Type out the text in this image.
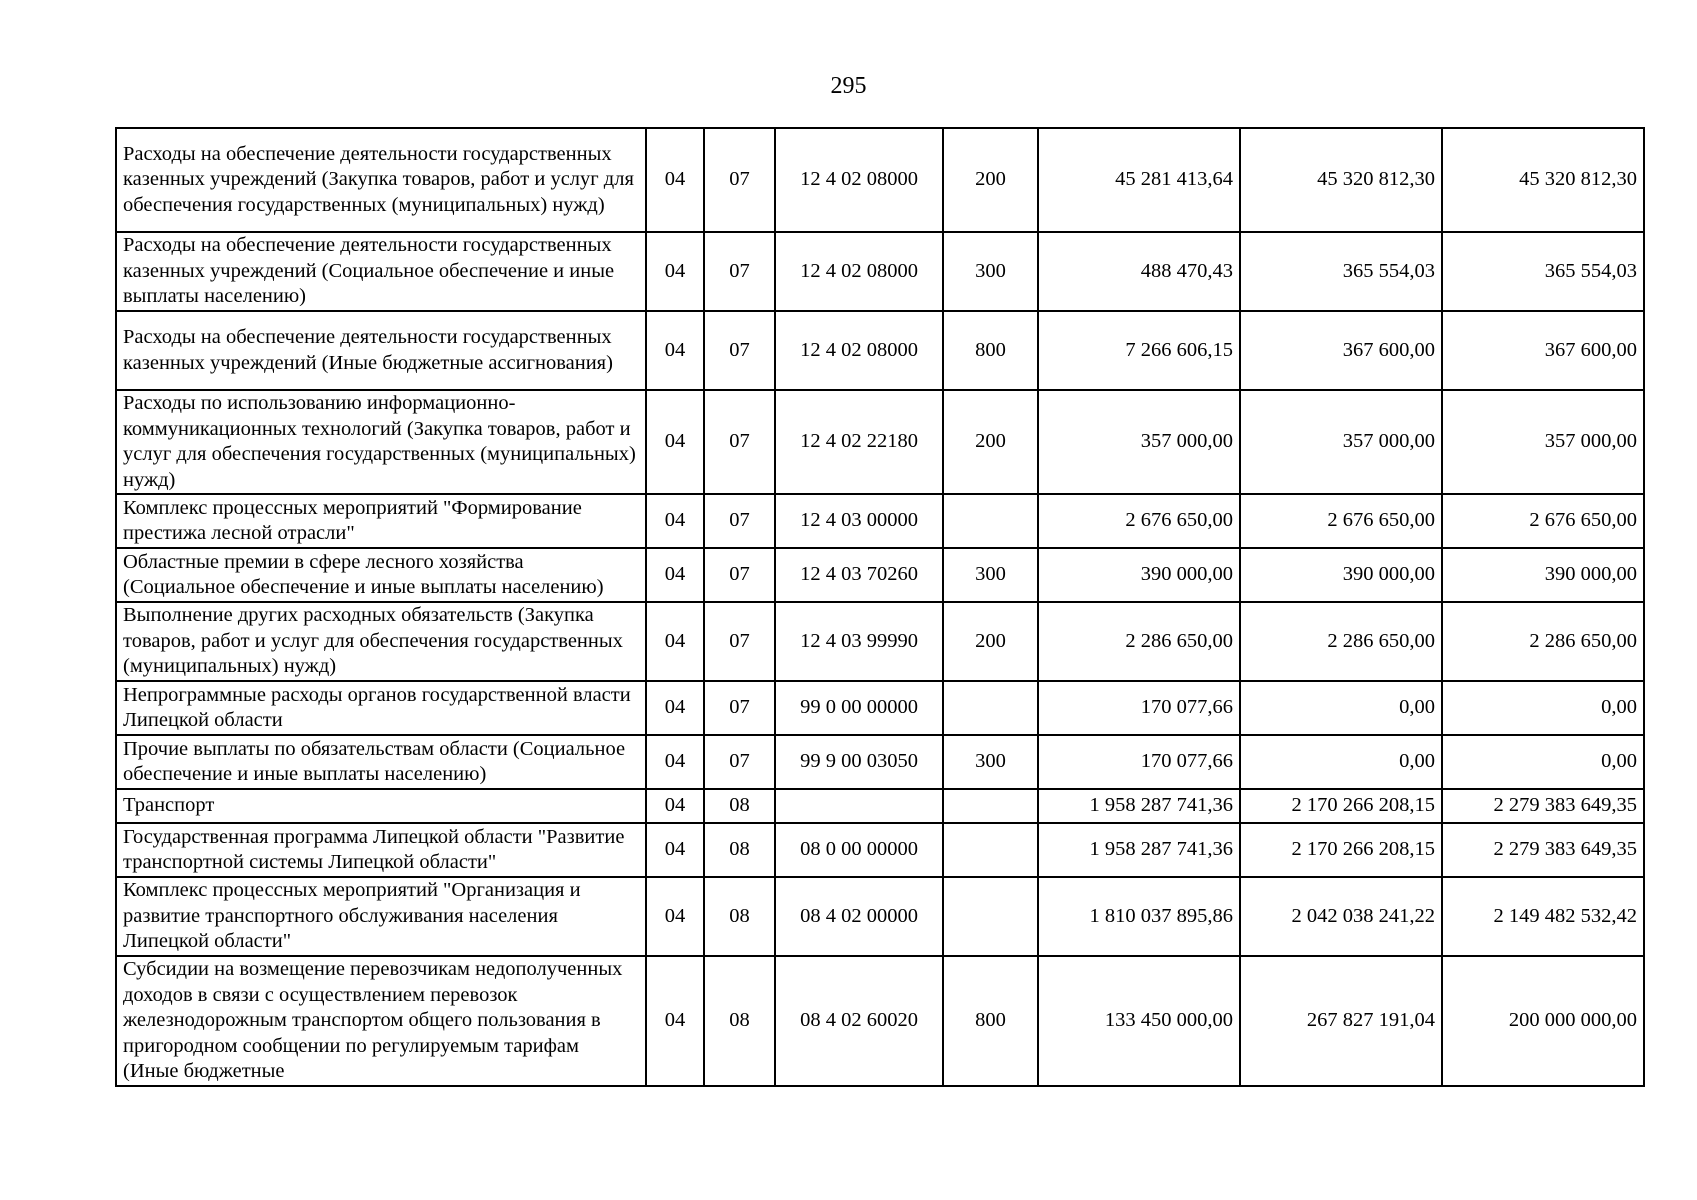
295
Расходы на обеспечение деятельности государственных казенных учреждений (Закупка товаров, работ и услуг для обеспечения государственных (муниципальных) нужд)	04	07	12 4 02 08000	200	45 281 413,64	45 320 812,30	45 320 812,30
Расходы на обеспечение деятельности государственных казенных учреждений (Социальное обеспечение и иные выплаты населению)	04	07	12 4 02 08000	300	488 470,43	365 554,03	365 554,03
Расходы на обеспечение деятельности государственных казенных учреждений (Иные бюджетные ассигнования)	04	07	12 4 02 08000	800	7 266 606,15	367 600,00	367 600,00
Расходы по использованию информационно-коммуникационных технологий (Закупка товаров, работ и услуг для обеспечения государственных (муниципальных) нужд)	04	07	12 4 02 22180	200	357 000,00	357 000,00	357 000,00
Комплекс процессных мероприятий "Формирование престижа лесной отрасли"	04	07	12 4 03 00000		2 676 650,00	2 676 650,00	2 676 650,00
Областные премии в сфере лесного хозяйства (Социальное обеспечение и иные выплаты населению)	04	07	12 4 03 70260	300	390 000,00	390 000,00	390 000,00
Выполнение других расходных обязательств (Закупка товаров, работ и услуг для обеспечения государственных (муниципальных) нужд)	04	07	12 4 03 99990	200	2 286 650,00	2 286 650,00	2 286 650,00
Непрограммные расходы органов государственной власти Липецкой области	04	07	99 0 00 00000		170 077,66	0,00	0,00
Прочие выплаты по обязательствам области (Социальное обеспечение и иные выплаты населению)	04	07	99 9 00 03050	300	170 077,66	0,00	0,00
Транспорт	04	08			1 958 287 741,36	2 170 266 208,15	2 279 383 649,35
Государственная программа Липецкой области "Развитие транспортной системы Липецкой области"	04	08	08 0 00 00000		1 958 287 741,36	2 170 266 208,15	2 279 383 649,35
Комплекс процессных мероприятий "Организация и развитие транспортного обслуживания населения Липецкой области"	04	08	08 4 02 00000		1 810 037 895,86	2 042 038 241,22	2 149 482 532,42
Субсидии на возмещение перевозчикам недополученных доходов в связи с осуществлением перевозок железнодорожным транспортом общего пользования в пригородном сообщении по регулируемым тарифам (Иные бюджетные	04	08	08 4 02 60020	800	133 450 000,00	267 827 191,04	200 000 000,00
